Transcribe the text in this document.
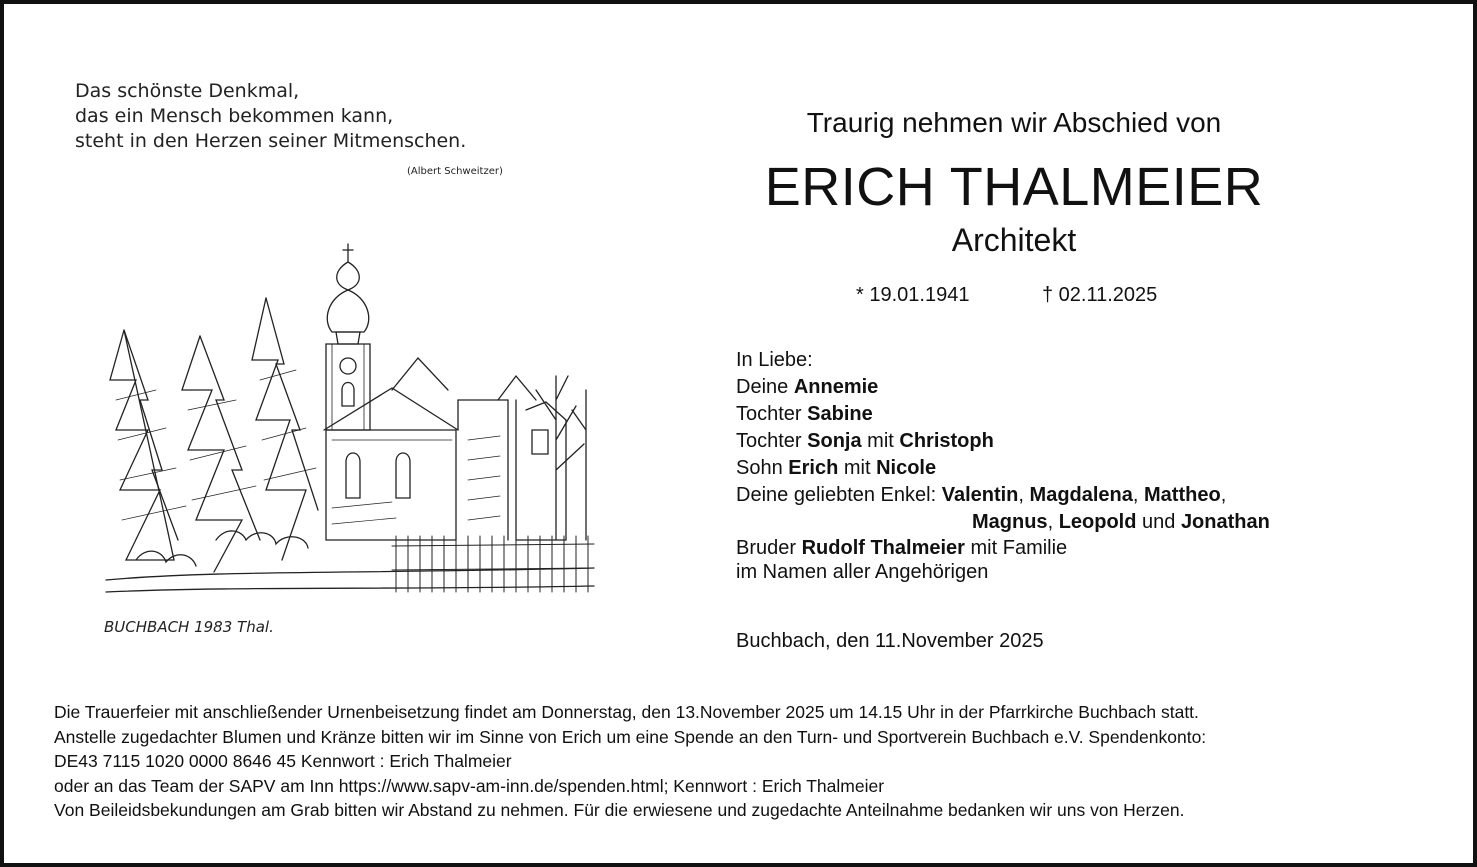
Das schönste Denkmal,
das ein Mensch bekommen kann,
steht in den Herzen seiner Mitmenschen.
(Albert Schweitzer)
BUCHBACH 1983 Thal.
Traurig nehmen wir Abschied von
ERICH THALMEIER
Architekt
* 19.01.1941	† 02.11.2025
In Liebe:
Deine Annemie
Tochter Sabine
Tochter Sonja mit Christoph
Sohn Erich mit Nicole
Deine geliebten Enkel: Valentin, Magdalena, Mattheo,
Magnus, Leopold und Jonathan
Bruder Rudolf Thalmeier mit Familie
im Namen aller Angehörigen
Buchbach, den 11.November 2025
Die Trauerfeier mit anschließender Urnenbeisetzung findet am Donnerstag, den 13.November 2025 um 14.15 Uhr in der Pfarrkirche Buchbach statt.
Anstelle zugedachter Blumen und Kränze bitten wir im Sinne von Erich um eine Spende an den Turn- und Sportverein Buchbach e.V. Spendenkonto:
DE43 7115 1020 0000 8646 45 Kennwort : Erich Thalmeier
oder an das Team der SAPV am Inn https://www.sapv-am-inn.de/spenden.html; Kennwort : Erich Thalmeier
Von Beileidsbekundungen am Grab bitten wir Abstand zu nehmen. Für die erwiesene und zugedachte Anteilnahme bedanken wir uns von Herzen.
